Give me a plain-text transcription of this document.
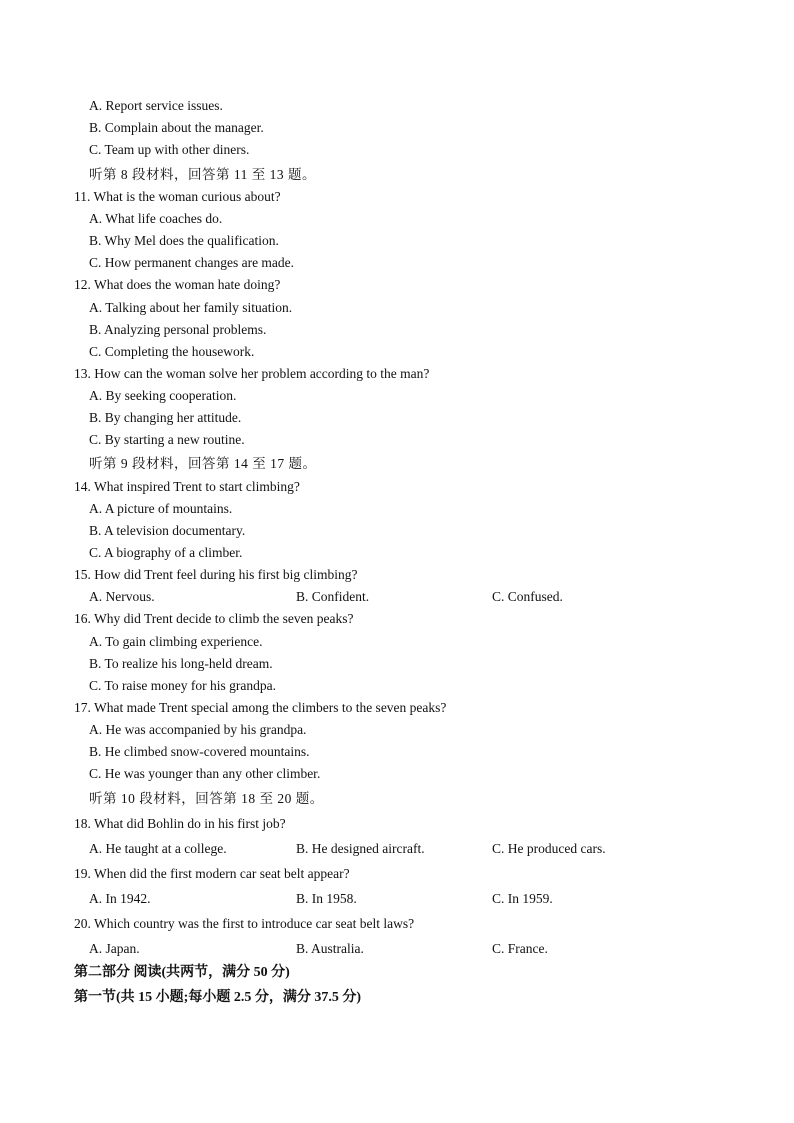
A. Report service issues.
B. Complain about the manager.
C. Team up with other diners.
听第 8 段材料，回答第 11 至 13 题。
11. What is the woman curious about?
A. What life coaches do.
B. Why Mel does the qualification.
C. How permanent changes are made.
12. What does the woman hate doing?
A. Talking about her family situation.
B. Analyzing personal problems.
C. Completing the housework.
13. How can the woman solve her problem according to the man?
A. By seeking cooperation.
B. By changing her attitude.
C. By starting a new routine.
听第 9 段材料，回答第 14 至 17 题。
14. What inspired Trent to start climbing?
A. A picture of mountains.
B. A television documentary.
C. A biography of a climber.
15. How did Trent feel during his first big climbing?
A. Nervous.	B. Confident.	C. Confused.
16. Why did Trent decide to climb the seven peaks?
A. To gain climbing experience.
B. To realize his long-held dream.
C. To raise money for his grandpa.
17. What made Trent special among the climbers to the seven peaks?
A. He was accompanied by his grandpa.
B. He climbed snow-covered mountains.
C. He was younger than any other climber.
听第 10 段材料，回答第 18 至 20 题。
18. What did Bohlin do in his first job?
A. He taught at a college.	B. He designed aircraft.	C. He produced cars.
19. When did the first modern car seat belt appear?
A. In 1942.	B. In 1958.	C. In 1959.
20. Which country was the first to introduce car seat belt laws?
A. Japan.	B. Australia.	C. France.
第二部分 阅读(共两节，满分 50 分)
第一节(共 15 小题;每小题 2.5 分，满分 37.5 分)
